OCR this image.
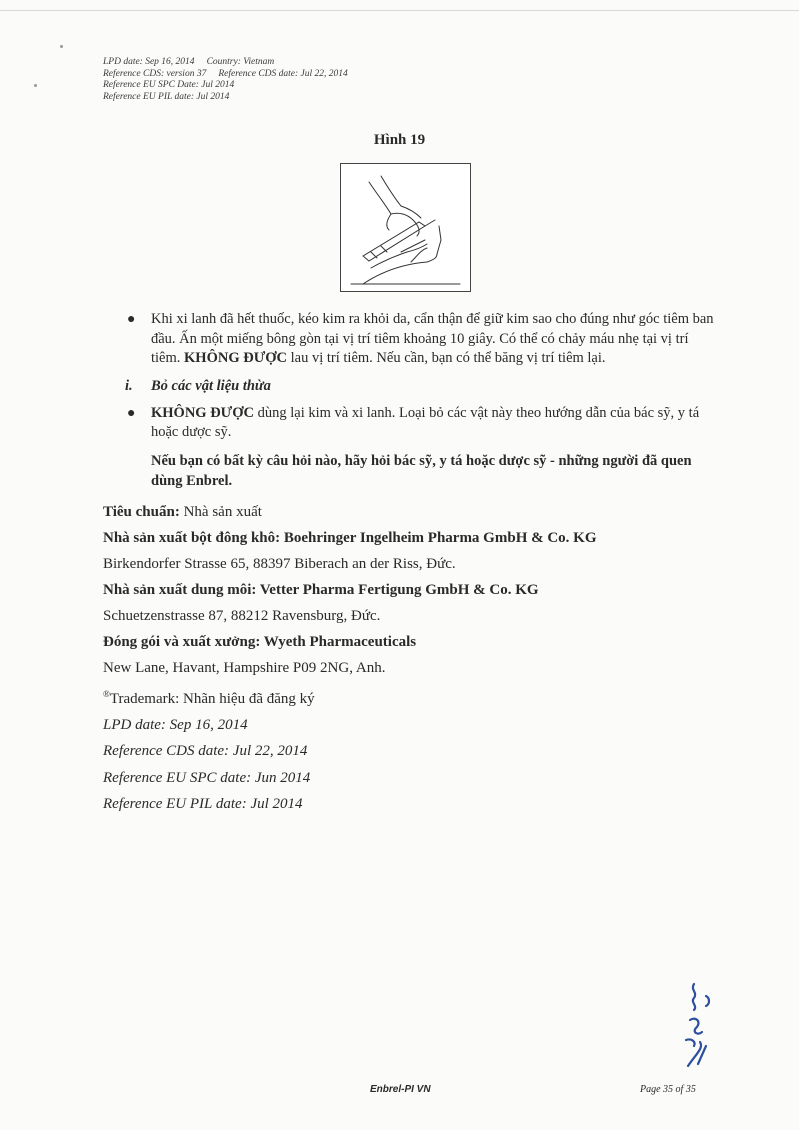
LPD date: Sep 16, 2014 Country: Vietnam
Reference CDS: version 37 Reference CDS date: Jul 22, 2014
Reference EU SPC Date: Jul 2014
Reference EU PIL date: Jul 2014
Hình 19
● Khi xi lanh đã hết thuốc, kéo kim ra khỏi da, cẩn thận để giữ kim sao cho đúng như góc tiêm ban đầu. Ấn một miếng bông gòn tại vị trí tiêm khoảng 10 giây. Có thể có chảy máu nhẹ tại vị trí tiêm. KHÔNG ĐƯỢC lau vị trí tiêm. Nếu cần, bạn có thể băng vị trí tiêm lại.
i. Bỏ các vật liệu thừa
● KHÔNG ĐƯỢC dùng lại kim và xi lanh. Loại bỏ các vật này theo hướng dẫn của bác sỹ, y tá hoặc dược sỹ.
Nếu bạn có bất kỳ câu hỏi nào, hãy hỏi bác sỹ, y tá hoặc dược sỹ - những người đã quen dùng Enbrel.
Tiêu chuẩn: Nhà sản xuất
Nhà sản xuất bột đông khô: Boehringer Ingelheim Pharma GmbH & Co. KG
Birkendorfer Strasse 65, 88397 Biberach an der Riss, Đức.
Nhà sản xuất dung môi: Vetter Pharma Fertigung GmbH & Co. KG
Schuetzenstrasse 87, 88212 Ravensburg, Đức.
Đóng gói và xuất xưởng: Wyeth Pharmaceuticals
New Lane, Havant, Hampshire P09 2NG, Anh.
®Trademark: Nhãn hiệu đã đăng ký
LPD date: Sep 16, 2014
Reference CDS date: Jul 22, 2014
Reference EU SPC date: Jun 2014
Reference EU PIL date: Jul 2014
Enbrel-PI VN	Page 35 of 35
